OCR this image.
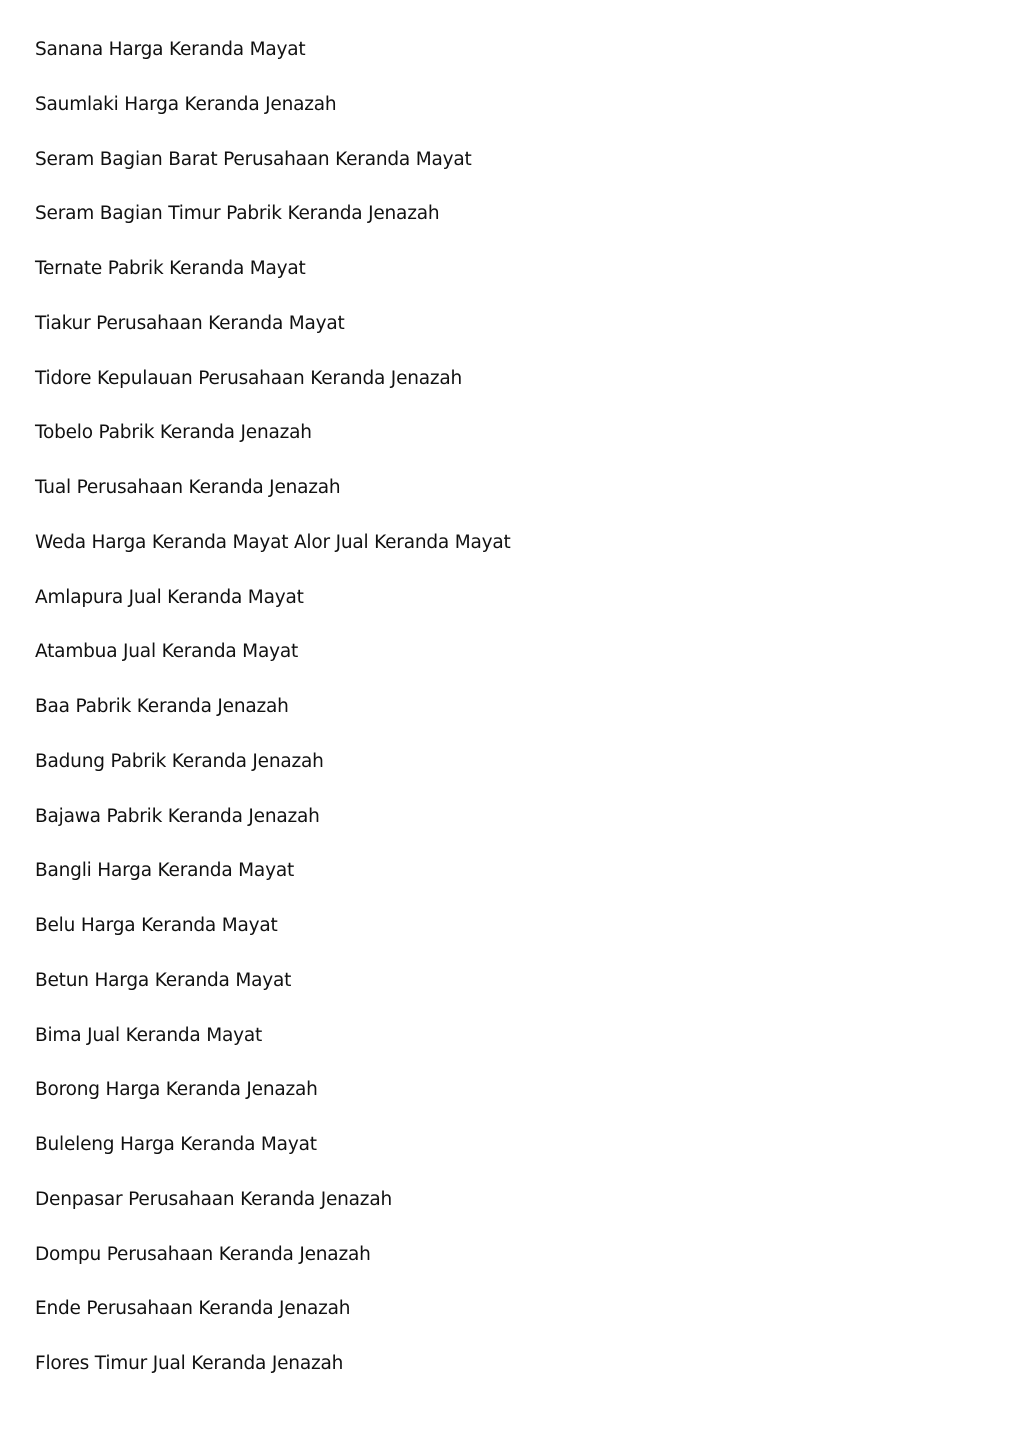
Sanana Harga Keranda Mayat
Saumlaki Harga Keranda Jenazah
Seram Bagian Barat Perusahaan Keranda Mayat
Seram Bagian Timur Pabrik Keranda Jenazah
Ternate Pabrik Keranda Mayat
Tiakur Perusahaan Keranda Mayat
Tidore Kepulauan Perusahaan Keranda Jenazah
Tobelo Pabrik Keranda Jenazah
Tual Perusahaan Keranda Jenazah
Weda Harga Keranda Mayat Alor Jual Keranda Mayat
Amlapura Jual Keranda Mayat
Atambua Jual Keranda Mayat
Baa Pabrik Keranda Jenazah
Badung Pabrik Keranda Jenazah
Bajawa Pabrik Keranda Jenazah
Bangli Harga Keranda Mayat
Belu Harga Keranda Mayat
Betun Harga Keranda Mayat
Bima Jual Keranda Mayat
Borong Harga Keranda Jenazah
Buleleng Harga Keranda Mayat
Denpasar Perusahaan Keranda Jenazah
Dompu Perusahaan Keranda Jenazah
Ende Perusahaan Keranda Jenazah
Flores Timur Jual Keranda Jenazah
